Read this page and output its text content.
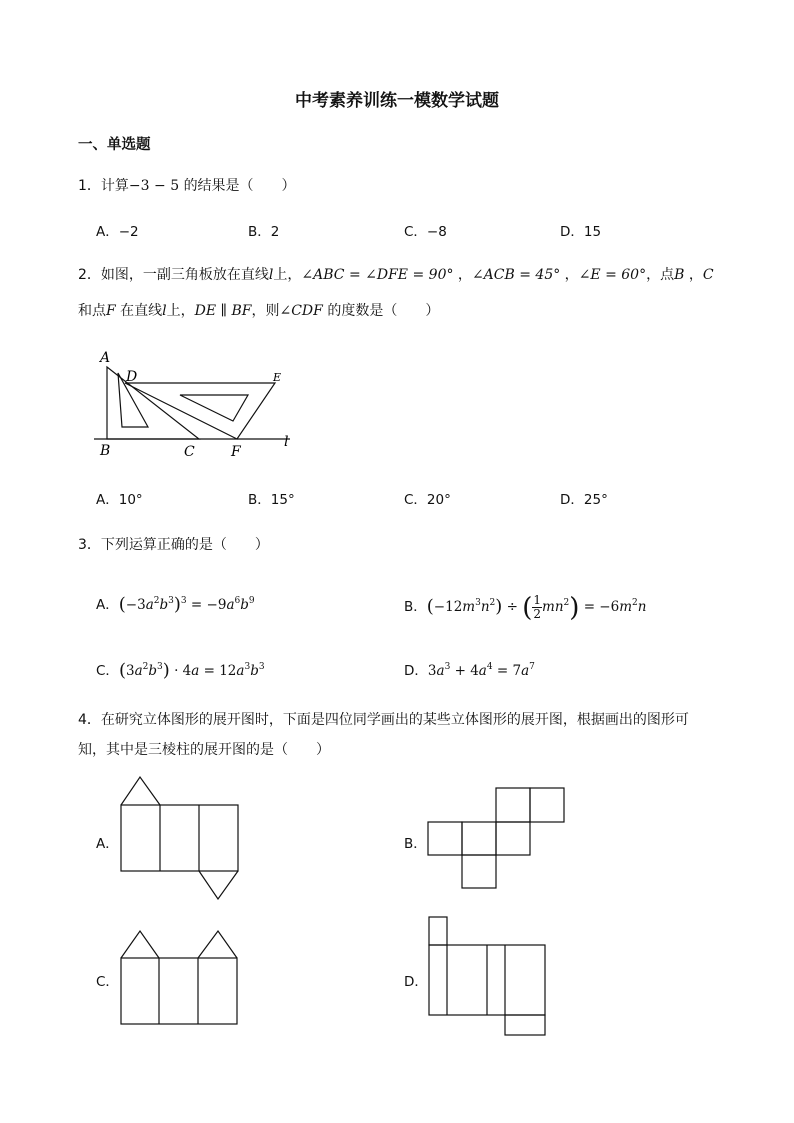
中考素养训练一模数学试题
一、单选题
1．计算−3 − 5 的结果是（　　）
A．−2	B．2	C．−8	D．15
2．如图，一副三角板放在直线l上，∠ABC = ∠DFE = 90° ，∠ACB = 45° ，∠E = 60°，点B ，C
和点F 在直线l上，DE ∥ BF，则∠CDF 的度数是（　　）
A
D	E
B	C	F
l
A．10°	B．15°	C．20°	D．25°
3．下列运算正确的是（　　）
A．$(-3a^2b^3)^3 = -9a^6b^9$	B．$(-12m^3n^2)$ ÷ ( $\frac{1}{2} mn^2) = -6m^2n$
C．$(3a^2b^3) \cdot 4a = 12a^3b^3$	D．$3a^3 + 4a^4 = 7a^7$
4．在研究立体图形的展开图时，下面是四位同学画出的某些立体图形的展开图，根据画出的图形可
知，其中是三棱柱的展开图的是（　　）
A．	B．
C．	D．
